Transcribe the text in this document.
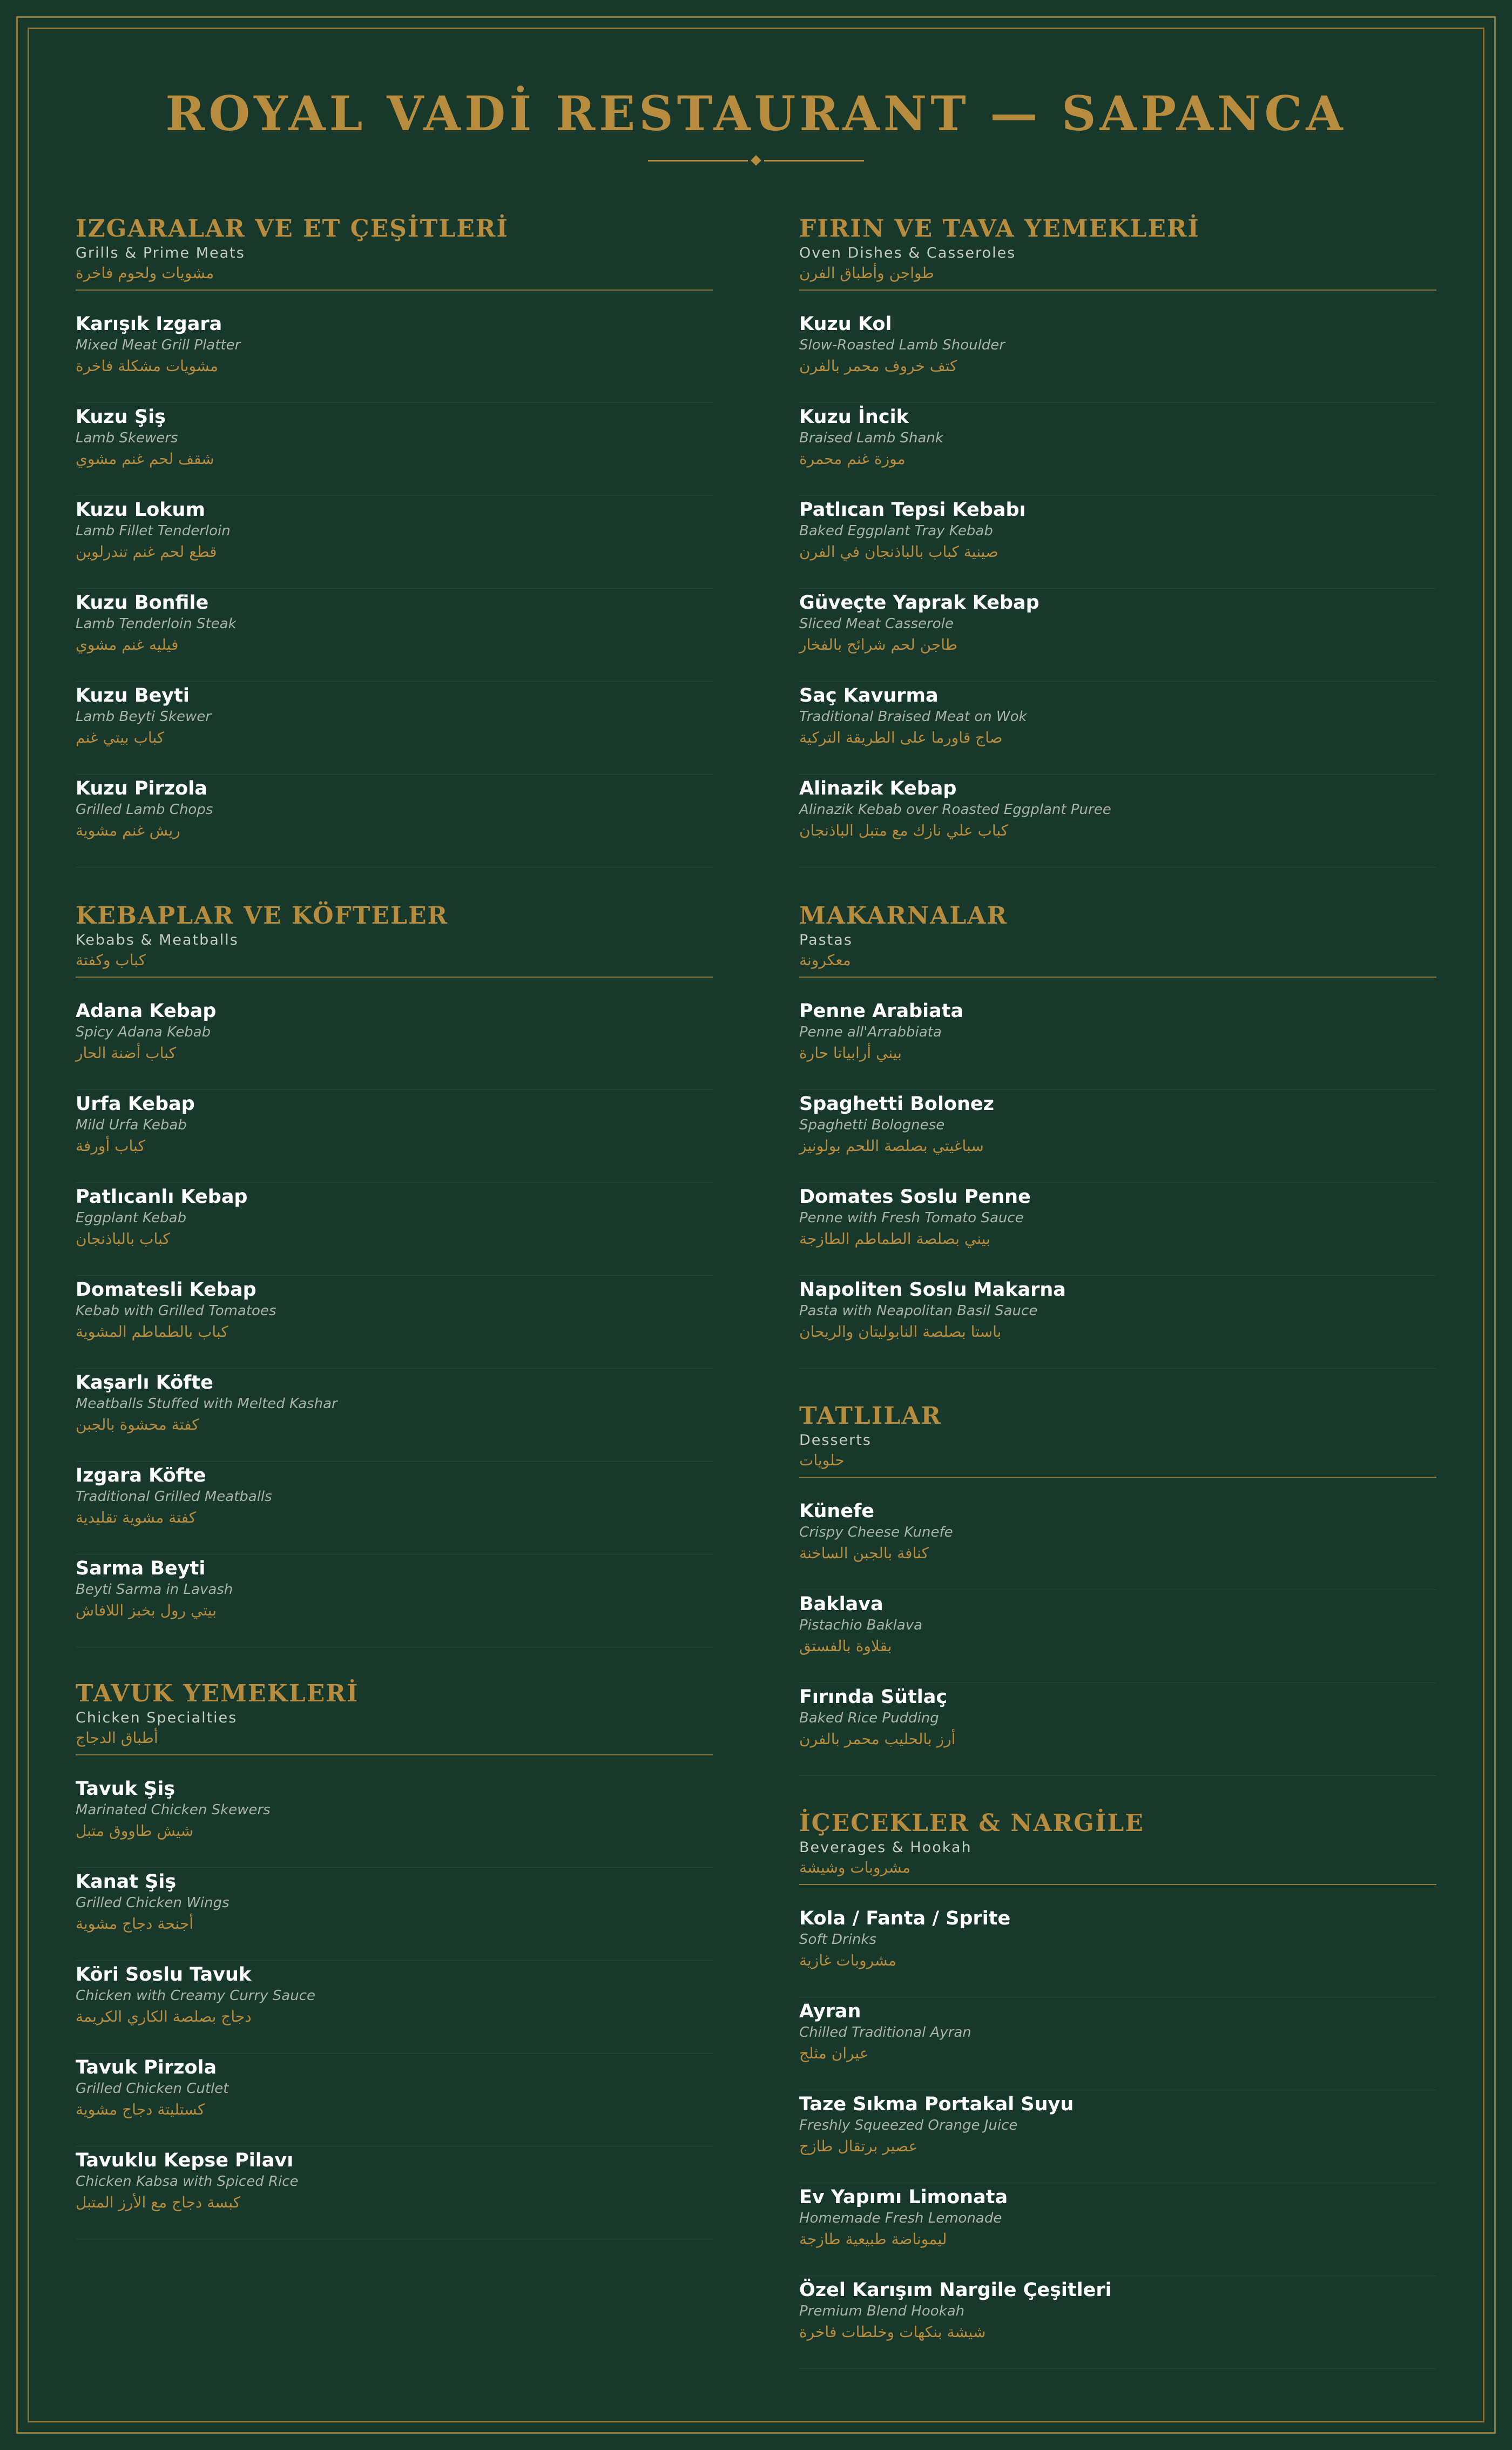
ROYAL VADİ RESTAURANT — SAPANCA
IZGARALAR VE ET ÇEŞİTLERİ
Grills & Prime Meats
مشويات ولحوم فاخرة
Karışık Izgara
Mixed Meat Grill Platter
مشويات مشكلة فاخرة
Kuzu Şiş
Lamb Skewers
شقف لحم غنم مشوي
Kuzu Lokum
Lamb Fillet Tenderloin
قطع لحم غنم تندرلوين
Kuzu Bonfile
Lamb Tenderloin Steak
فيليه غنم مشوي
Kuzu Beyti
Lamb Beyti Skewer
كباب بيتي غنم
Kuzu Pirzola
Grilled Lamb Chops
ريش غنم مشوية
KEBAPLAR VE KÖFTELER
Kebabs & Meatballs
كباب وكفتة
Adana Kebap
Spicy Adana Kebab
كباب أضنة الحار
Urfa Kebap
Mild Urfa Kebab
كباب أورفة
Patlıcanlı Kebap
Eggplant Kebab
كباب بالباذنجان
Domatesli Kebap
Kebab with Grilled Tomatoes
كباب بالطماطم المشوية
Kaşarlı Köfte
Meatballs Stuffed with Melted Kashar
كفتة محشوة بالجبن
Izgara Köfte
Traditional Grilled Meatballs
كفتة مشوية تقليدية
Sarma Beyti
Beyti Sarma in Lavash
بيتي رول بخبز اللافاش
TAVUK YEMEKLERİ
Chicken Specialties
أطباق الدجاج
Tavuk Şiş
Marinated Chicken Skewers
شيش طاووق متبل
Kanat Şiş
Grilled Chicken Wings
أجنحة دجاج مشوية
Köri Soslu Tavuk
Chicken with Creamy Curry Sauce
دجاج بصلصة الكاري الكريمة
Tavuk Pirzola
Grilled Chicken Cutlet
كستليتة دجاج مشوية
Tavuklu Kepse Pilavı
Chicken Kabsa with Spiced Rice
كبسة دجاج مع الأرز المتبل
FIRIN VE TAVA YEMEKLERİ
Oven Dishes & Casseroles
طواجن وأطباق الفرن
Kuzu Kol
Slow-Roasted Lamb Shoulder
كتف خروف محمر بالفرن
Kuzu İncik
Braised Lamb Shank
موزة غنم محمرة
Patlıcan Tepsi Kebabı
Baked Eggplant Tray Kebab
صينية كباب بالباذنجان في الفرن
Güveçte Yaprak Kebap
Sliced Meat Casserole
طاجن لحم شرائح بالفخار
Saç Kavurma
Traditional Braised Meat on Wok
صاج قاورما على الطريقة التركية
Alinazik Kebap
Alinazik Kebab over Roasted Eggplant Puree
كباب علي نازك مع متبل الباذنجان
MAKARNALAR
Pastas
معكرونة
Penne Arabiata
Penne all'Arrabbiata
بيني أرابياتا حارة
Spaghetti Bolonez
Spaghetti Bolognese
سباغيتي بصلصة اللحم بولونيز
Domates Soslu Penne
Penne with Fresh Tomato Sauce
بيني بصلصة الطماطم الطازجة
Napoliten Soslu Makarna
Pasta with Neapolitan Basil Sauce
باستا بصلصة النابوليتان والريحان
TATLILAR
Desserts
حلويات
Künefe
Crispy Cheese Kunefe
كنافة بالجبن الساخنة
Baklava
Pistachio Baklava
بقلاوة بالفستق
Fırında Sütlaç
Baked Rice Pudding
أرز بالحليب محمر بالفرن
İÇECEKLER & NARGİLE
Beverages & Hookah
مشروبات وشيشة
Kola / Fanta / Sprite
Soft Drinks
مشروبات غازية
Ayran
Chilled Traditional Ayran
عيران مثلج
Taze Sıkma Portakal Suyu
Freshly Squeezed Orange Juice
عصير برتقال طازج
Ev Yapımı Limonata
Homemade Fresh Lemonade
ليموناضة طبيعية طازجة
Özel Karışım Nargile Çeşitleri
Premium Blend Hookah
شيشة بنكهات وخلطات فاخرة
